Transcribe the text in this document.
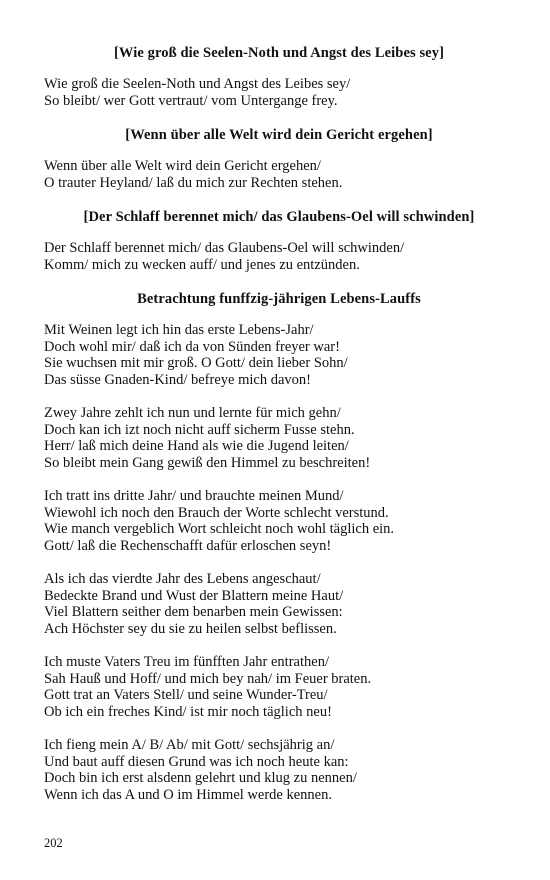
[Wie groß die Seelen-Noth und Angst des Leibes sey]
Wie groß die Seelen-Noth und Angst des Leibes sey/
So bleibt/ wer Gott vertraut/ vom Untergange frey.
[Wenn über alle Welt wird dein Gericht ergehen]
Wenn über alle Welt wird dein Gericht ergehen/
O trauter Heyland/ laß du mich zur Rechten stehen.
[Der Schlaff berennet mich/ das Glaubens-Oel will schwinden]
Der Schlaff berennet mich/ das Glaubens-Oel will schwinden/
Komm/ mich zu wecken auff/ und jenes zu entzünden.
Betrachtung funffzig-jährigen Lebens-Lauffs
Mit Weinen legt ich hin das erste Lebens-Jahr/
Doch wohl mir/ daß ich da von Sünden freyer war!
Sie wuchsen mit mir groß. O Gott/ dein lieber Sohn/
Das süsse Gnaden-Kind/ befreye mich davon!
Zwey Jahre zehlt ich nun und lernte für mich gehn/
Doch kan ich izt noch nicht auff sicherm Fusse stehn.
Herr/ laß mich deine Hand als wie die Jugend leiten/
So bleibt mein Gang gewiß den Himmel zu beschreiten!
Ich tratt ins dritte Jahr/ und brauchte meinen Mund/
Wiewohl ich noch den Brauch der Worte schlecht verstund.
Wie manch vergeblich Wort schleicht noch wohl täglich ein.
Gott/ laß die Rechenschafft dafür erloschen seyn!
Als ich das vierdte Jahr des Lebens angeschaut/
Bedeckte Brand und Wust der Blattern meine Haut/
Viel Blattern seither dem benarben mein Gewissen:
Ach Höchster sey du sie zu heilen selbst beflissen.
Ich muste Vaters Treu im fünfften Jahr entrathen/
Sah Hauß und Hoff/ und mich bey nah/ im Feuer braten.
Gott trat an Vaters Stell/ und seine Wunder-Treu/
Ob ich ein freches Kind/ ist mir noch täglich neu!
Ich fieng mein A/ B/ Ab/ mit Gott/ sechsjährig an/
Und baut auff diesen Grund was ich noch heute kan:
Doch bin ich erst alsdenn gelehrt und klug zu nennen/
Wenn ich das A und O im Himmel werde kennen.
202
